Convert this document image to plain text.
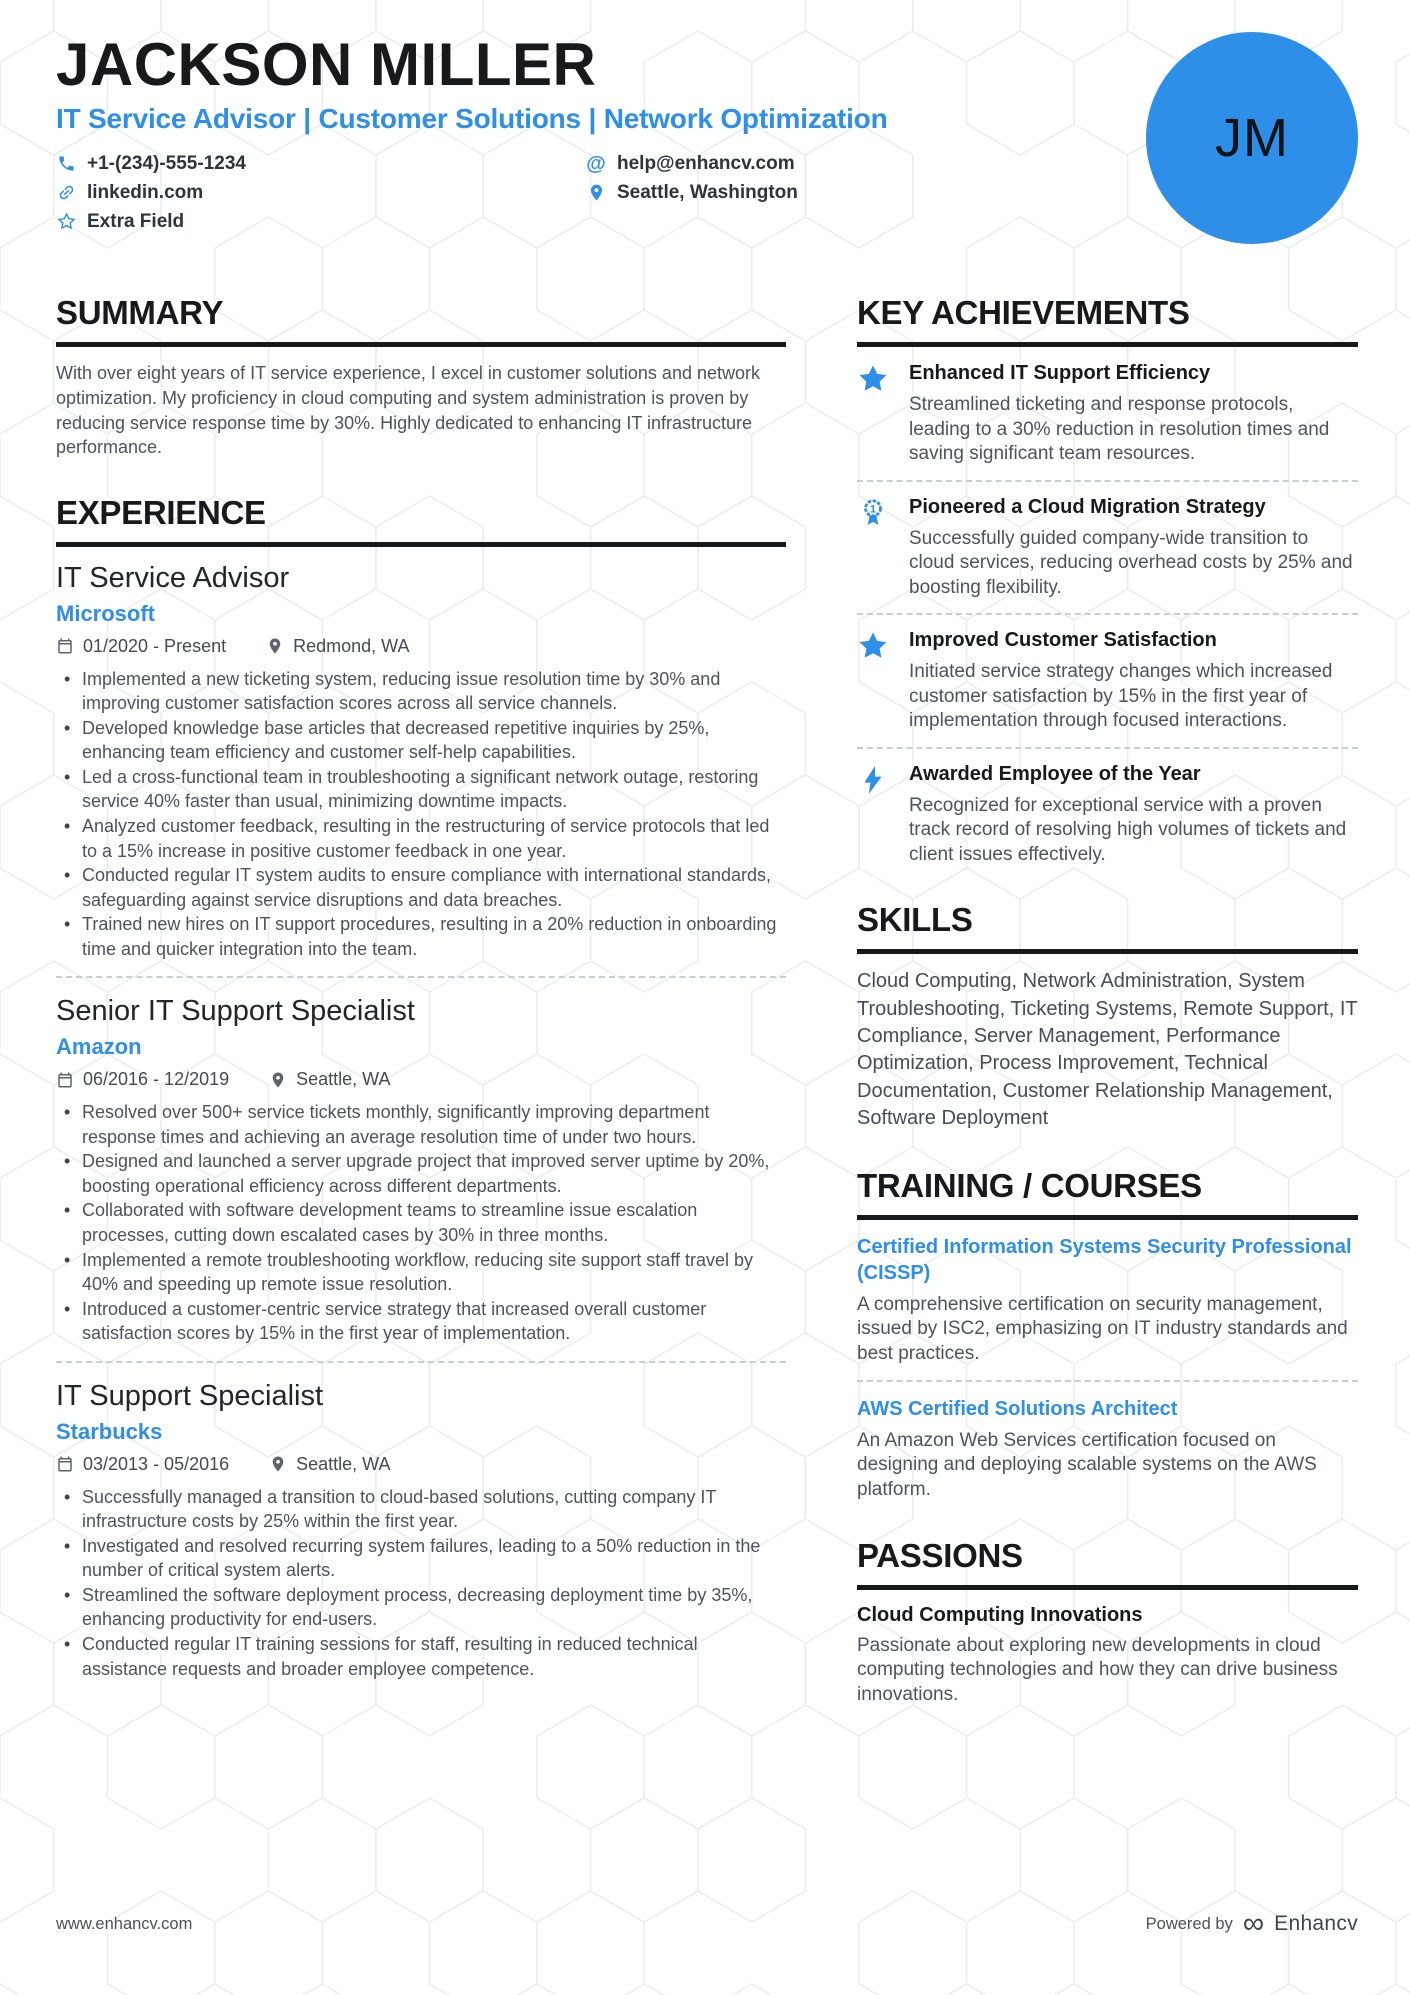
JACKSON MILLER
IT Service Advisor | Customer Solutions | Network Optimization
+1-(234)-555-1234
linkedin.com
Extra Field
@ help@enhancv.com
Seattle, Washington
JM
SUMMARY

With over eight years of IT service experience, I excel in customer solutions and network optimization. My proficiency in cloud computing and system administration is proven by reducing service response time by 30%. Highly dedicated to enhancing IT infrastructure performance.

EXPERIENCE
IT Service Advisor
Microsoft
01/2020 - Present	Redmond, WA
• Implemented a new ticketing system, reducing issue resolution time by 30% and improving customer satisfaction scores across all service channels.
• Developed knowledge base articles that decreased repetitive inquiries by 25%, enhancing team efficiency and customer self-help capabilities.
• Led a cross-functional team in troubleshooting a significant network outage, restoring service 40% faster than usual, minimizing downtime impacts.
• Analyzed customer feedback, resulting in the restructuring of service protocols that led to a 15% increase in positive customer feedback in one year.
• Conducted regular IT system audits to ensure compliance with international standards, safeguarding against service disruptions and data breaches.
• Trained new hires on IT support procedures, resulting in a 20% reduction in onboarding time and quicker integration into the team.
Senior IT Support Specialist
Amazon
06/2016 - 12/2019	Seattle, WA
• Resolved over 500+ service tickets monthly, significantly improving department response times and achieving an average resolution time of under two hours.
• Designed and launched a server upgrade project that improved server uptime by 20%, boosting operational efficiency across different departments.
• Collaborated with software development teams to streamline issue escalation processes, cutting down escalated cases by 30% in three months.
• Implemented a remote troubleshooting workflow, reducing site support staff travel by 40% and speeding up remote issue resolution.
• Introduced a customer-centric service strategy that increased overall customer satisfaction scores by 15% in the first year of implementation.
IT Support Specialist
Starbucks
03/2013 - 05/2016	Seattle, WA
• Successfully managed a transition to cloud-based solutions, cutting company IT infrastructure costs by 25% within the first year.
• Investigated and resolved recurring system failures, leading to a 50% reduction in the number of critical system alerts.
• Streamlined the software deployment process, decreasing deployment time by 35%, enhancing productivity for end-users.
• Conducted regular IT training sessions for staff, resulting in reduced technical assistance requests and broader employee competence.
KEY ACHIEVEMENTS
Enhanced IT Support Efficiency
Streamlined ticketing and response protocols, leading to a 30% reduction in resolution times and saving significant team resources.
1 Pioneered a Cloud Migration Strategy
Successfully guided company-wide transition to cloud services, reducing overhead costs by 25% and boosting flexibility.
Improved Customer Satisfaction
Initiated service strategy changes which increased customer satisfaction by 15% in the first year of implementation through focused interactions.
Awarded Employee of the Year
Recognized for exceptional service with a proven track record of resolving high volumes of tickets and client issues effectively.
SKILLS
Cloud Computing, Network Administration, System Troubleshooting, Ticketing Systems, Remote Support, IT Compliance, Server Management, Performance Optimization, Process Improvement, Technical Documentation, Customer Relationship Management, Software Deployment
TRAINING / COURSES
Certified Information Systems Security Professional (CISSP)
A comprehensive certification on security management, issued by ISC2, emphasizing on IT industry standards and best practices.
AWS Certified Solutions Architect
An Amazon Web Services certification focused on designing and deploying scalable systems on the AWS platform.
PASSIONS
Cloud Computing Innovations
Passionate about exploring new developments in cloud computing technologies and how they can drive business innovations.
www.enhancv.com	Powered by ∞ Enhancv
